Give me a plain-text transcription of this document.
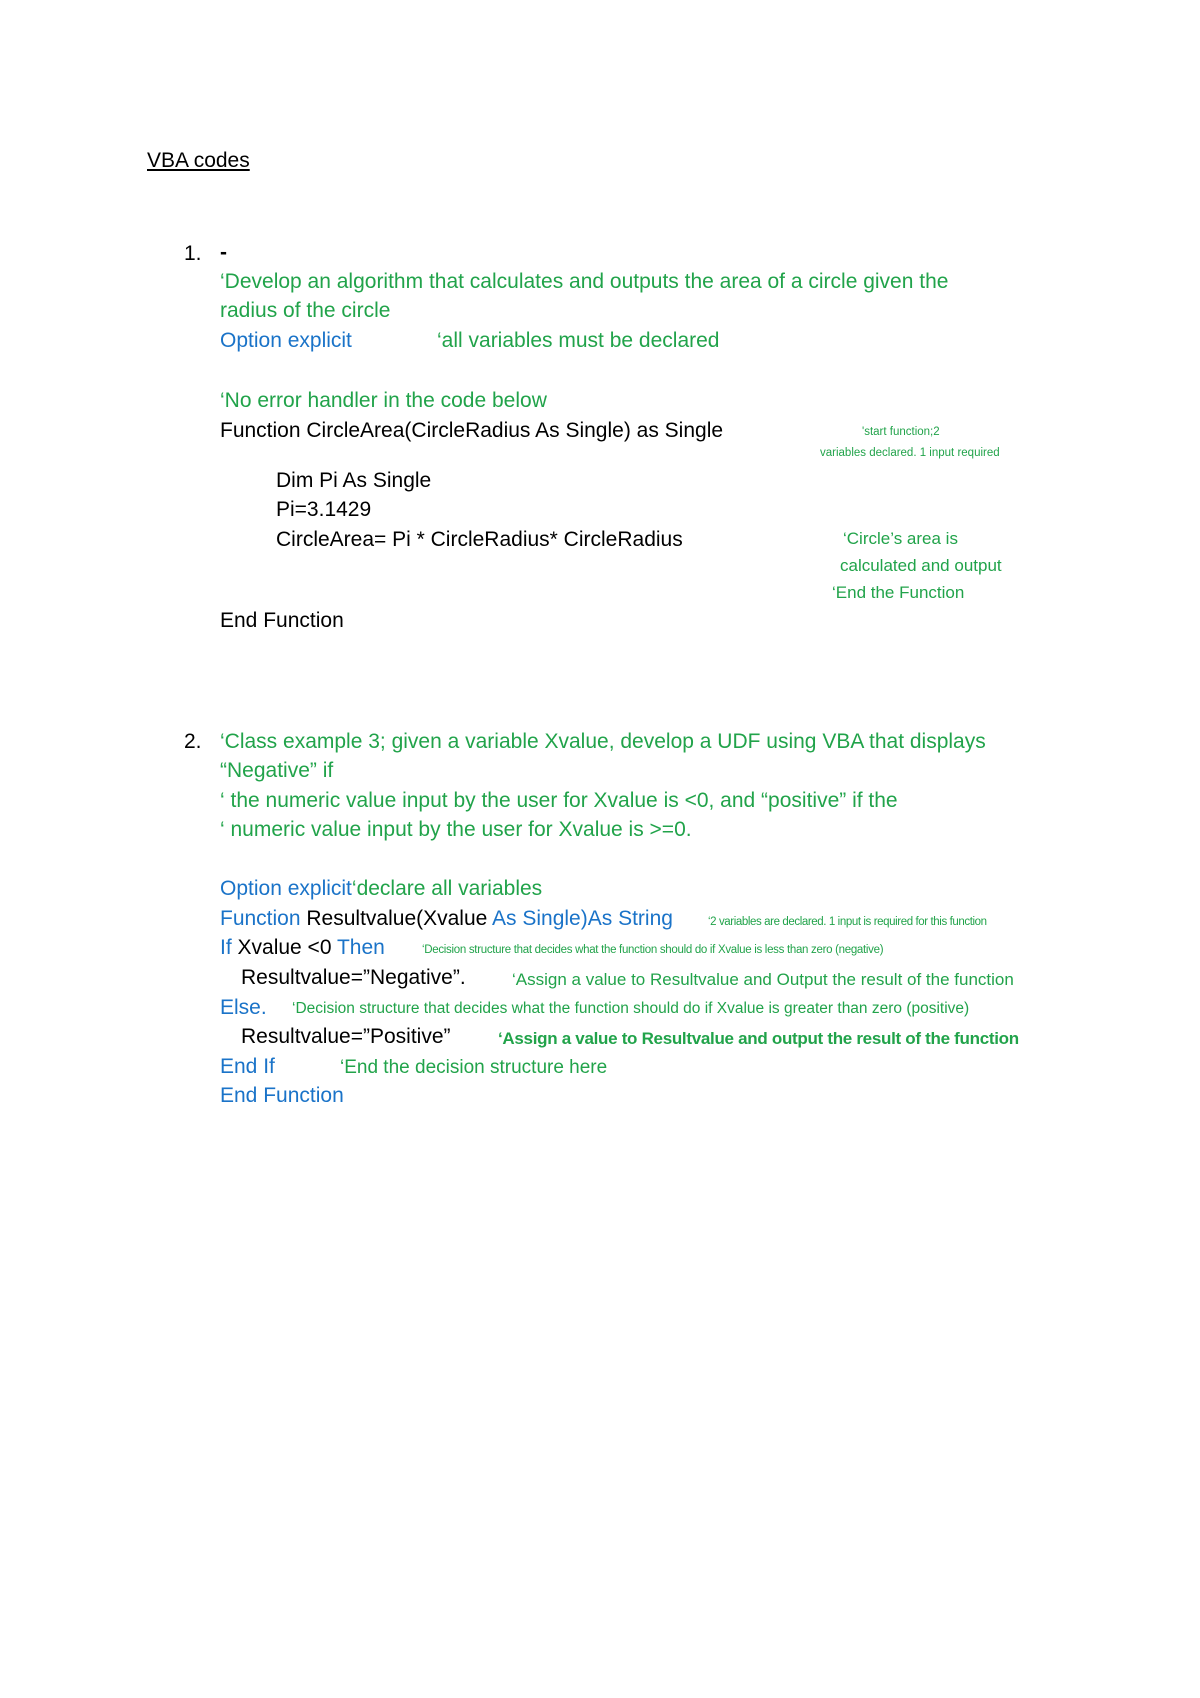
VBA codes
1. -
‘Develop an algorithm that calculates and outputs the area of a circle given the
radius of the circle
Option explicit	‘all variables must be declared
‘No error handler in the code below
Function CircleArea(CircleRadius As Single) as Single	'start function;2
variables declared. 1 input required
Dim Pi As Single
Pi=3.1429
CircleArea= Pi * CircleRadius* CircleRadius	‘Circle’s area is
calculated and output
‘End the Function
End Function
2. ‘Class example 3; given a variable Xvalue, develop a UDF using VBA that displays
“Negative” if
‘ the numeric value input by the user for Xvalue is <0, and “positive” if the
‘ numeric value input by the user for Xvalue is >=0.
Option explicit‘declare all variables
Function Resultvalue(Xvalue As Single)As String	‘2 variables are declared. 1 input is required for this function
If Xvalue <0 Then	‘Decision structure that decides what the function should do if Xvalue is less than zero (negative)
Resultvalue=”Negative”.	‘Assign a value to Resultvalue and Output the result of the function
Else. ‘Decision structure that decides what the function should do if Xvalue is greater than zero (positive)
Resultvalue=”Positive”	‘Assign a value to Resultvalue and output the result of the function
End If	‘End the decision structure here
End Function
